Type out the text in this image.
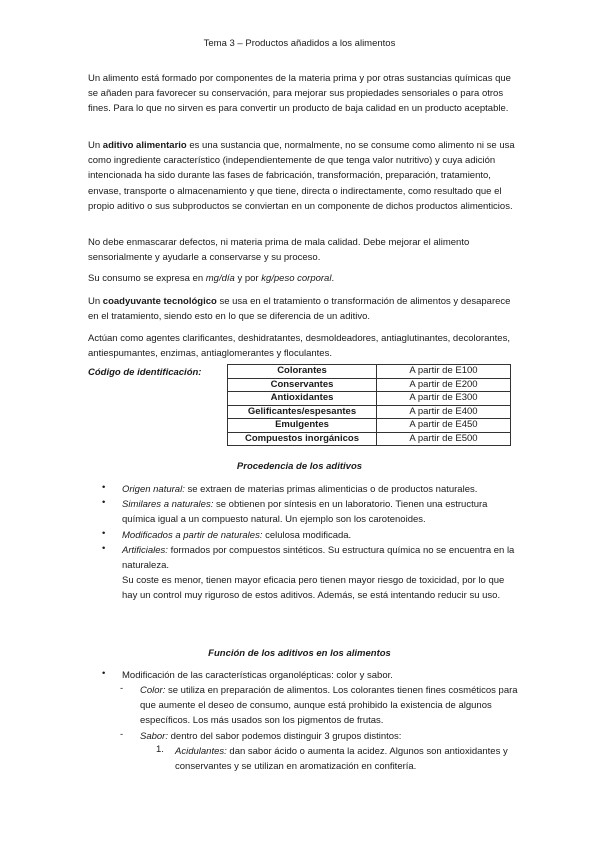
Tema 3 – Productos añadidos a los alimentos

Un alimento está formado por componentes de la materia prima y por otras sustancias químicas que se añaden para favorecer su conservación, para mejorar sus propiedades sensoriales o para otros fines. Para lo que no sirven es para convertir un producto de baja calidad en un producto aceptable.

Un aditivo alimentario es una sustancia que, normalmente, no se consume como alimento ni se usa como ingrediente característico (independientemente de que tenga valor nutritivo) y cuya adición intencionada ha sido durante las fases de fabricación, transformación, preparación, tratamiento, envase, transporte o almacenamiento y que tiene, directa o indirectamente, como resultado que el propio aditivo o sus subproductos se conviertan en un componente de dichos productos alimenticios.

No debe enmascarar defectos, ni materia prima de mala calidad. Debe mejorar el alimento sensorialmente y ayudarle a conservarse y su proceso.

Su consumo se expresa en mg/día y por kg/peso corporal.

Un coadyuvante tecnológico se usa en el tratamiento o transformación de alimentos y desaparece en el tratamiento, siendo esto en lo que se diferencia de un aditivo.

Actúan como agentes clarificantes, deshidratantes, desmoldeadores, antiaglutinantes, decolorantes, antiespumantes, enzimas, antiaglomerantes y floculantes.

Código de identificación:	Colorantes	A partir de E100
Conservantes	A partir de E200
Antioxidantes	A partir de E300
Gelificantes/espesantes	A partir de E400
Emulgentes	A partir de E450
Compuestos inorgánicos	A partir de E500
Procedencia de los aditivos
• Origen natural: se extraen de materias primas alimenticias o de productos naturales.

• Similares a naturales: se obtienen por síntesis en un laboratorio. Tienen una estructura química igual a un compuesto natural. Un ejemplo son los carotenoides.

• Modificados a partir de naturales: celulosa modificada.

• Artificiales: formados por compuestos sintéticos. Su estructura química no se encuentra en la naturaleza.

Su coste es menor, tienen mayor eficacia pero tienen mayor riesgo de toxicidad, por lo que hay un control muy riguroso de estos aditivos. Además, se está intentando reducir su uso.

Función de los aditivos en los alimentos
• Modificación de las características organolépticas: color y sabor.

- Color: se utiliza en preparación de alimentos. Los colorantes tienen fines cosméticos para que aumente el deseo de consumo, aunque está prohibido la existencia de algunos específicos. Los más usados son los pigmentos de frutas.

- Sabor: dentro del sabor podemos distinguir 3 grupos distintos:

1. Acidulantes: dan sabor ácido o aumenta la acidez. Algunos son antioxidantes y conservantes y se utilizan en aromatización en confitería.
